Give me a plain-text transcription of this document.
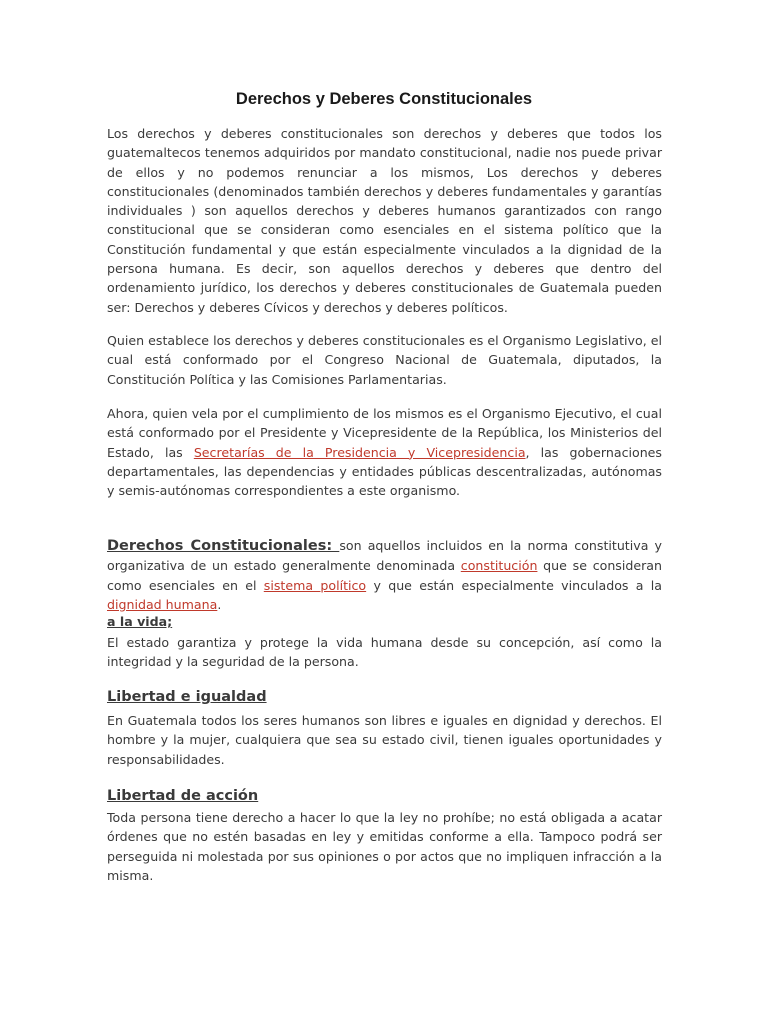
Derechos y Deberes Constitucionales

Los derechos y deberes constitucionales son derechos y deberes que todos los guatemaltecos tenemos adquiridos por mandato constitucional, nadie nos puede privar de ellos y no podemos renunciar a los mismos, Los derechos y deberes constitucionales (denominados también derechos y deberes fundamentales y garantías individuales ) son aquellos derechos y deberes humanos garantizados con rango constitucional que se consideran como esenciales en el sistema político que la Constitución fundamental y que están especialmente vinculados a la dignidad de la persona humana. Es decir, son aquellos derechos y deberes que dentro del ordenamiento jurídico, los derechos y deberes constitucionales de Guatemala pueden ser: Derechos y deberes Cívicos y derechos y deberes políticos.

Quien establece los derechos y deberes constitucionales es el Organismo Legislativo, el cual está conformado por el Congreso Nacional de Guatemala, diputados, la Constitución Política y las Comisiones Parlamentarias.

Ahora, quien vela por el cumplimiento de los mismos es el Organismo Ejecutivo, el cual está conformado por el Presidente y Vicepresidente de la República, los Ministerios del Estado, las Secretarías de la Presidencia y Vicepresidencia, las gobernaciones departamentales, las dependencias y entidades públicas descentralizadas, autónomas y semis-autónomas correspondientes a este organismo.

Derechos Constitucionales: son aquellos incluidos en la norma constitutiva y organizativa de un estado generalmente denominada constitución que se consideran como esenciales en el sistema político y que están especialmente vinculados a la dignidad humana.

a la vida;

El estado garantiza y protege la vida humana desde su concepción, así como la integridad y la seguridad de la persona.

Libertad e igualdad

En Guatemala todos los seres humanos son libres e iguales en dignidad y derechos. El hombre y la mujer, cualquiera que sea su estado civil, tienen iguales oportunidades y responsabilidades.

Libertad de acción

Toda persona tiene derecho a hacer lo que la ley no prohíbe; no está obligada a acatar órdenes que no estén basadas en ley y emitidas conforme a ella. Tampoco podrá ser perseguida ni molestada por sus opiniones o por actos que no impliquen infracción a la misma.
